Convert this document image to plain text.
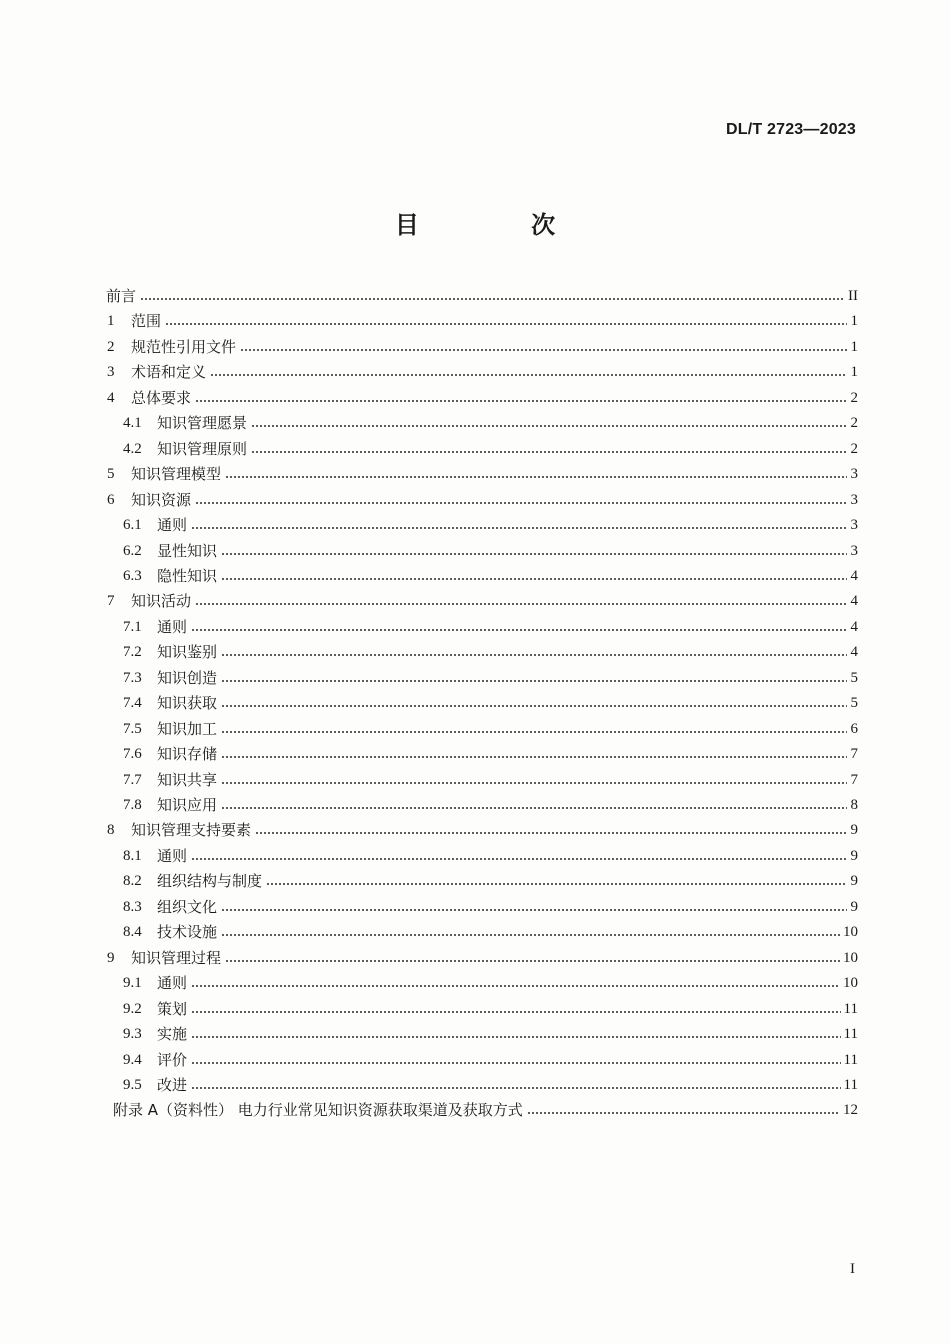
DL/T 2723—2023
目 次
前言	II
1	范围	1
2	规范性引用文件	1
3	术语和定义	1
4	总体要求	2
4.1	知识管理愿景	2
4.2	知识管理原则	2
5	知识管理模型	3
6	知识资源	3
6.1	通则	3
6.2	显性知识	3
6.3	隐性知识	4
7	知识活动	4
7.1	通则	4
7.2	知识鉴别	4
7.3	知识创造	5
7.4	知识获取	5
7.5	知识加工	6
7.6	知识存储	7
7.7	知识共享	7
7.8	知识应用	8
8	知识管理支持要素	9
8.1	通则	9
8.2	组织结构与制度	9
8.3	组织文化	9
8.4	技术设施	10
9	知识管理过程	10
9.1	通则	10
9.2	策划	11
9.3	实施	11
9.4	评价	11
9.5	改进	11
附录 A（资料性） 电力行业常见知识资源获取渠道及获取方式	12
I
